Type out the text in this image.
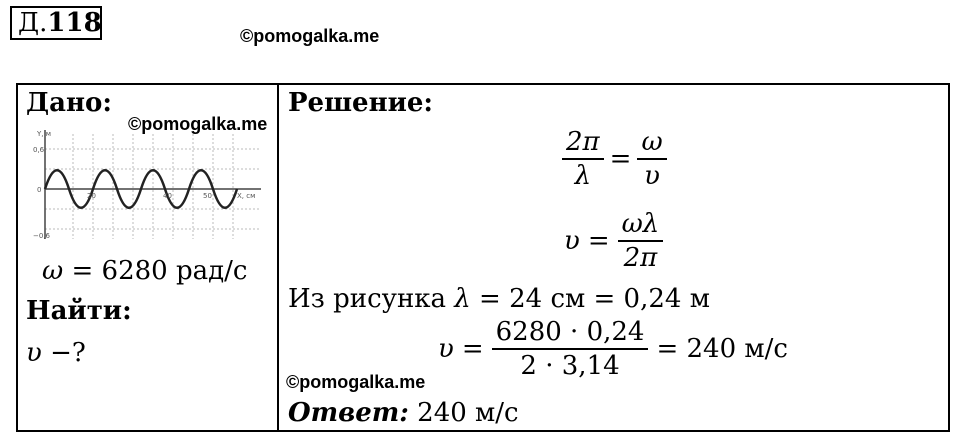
Д.118	©pomogalka.me
Дано:
Y, м
0,6
0
−0,6
20	40	50	X, см
©pomogalka.me
ω = 6280 рад/с
Найти:
υ −?
Решение:
$\frac{2\pi}{\lambda} = \frac{\omega}{\upsilon}$
$\upsilon = \frac{\omega\lambda}{2\pi}$
Из рисунка λ = 24 см = 0,24 м
$\upsilon = \frac{6280 \cdot 0,24}{2 \cdot 3,14} = 240$ м/с
©pomogalka.me
Ответ: 240 м/с
